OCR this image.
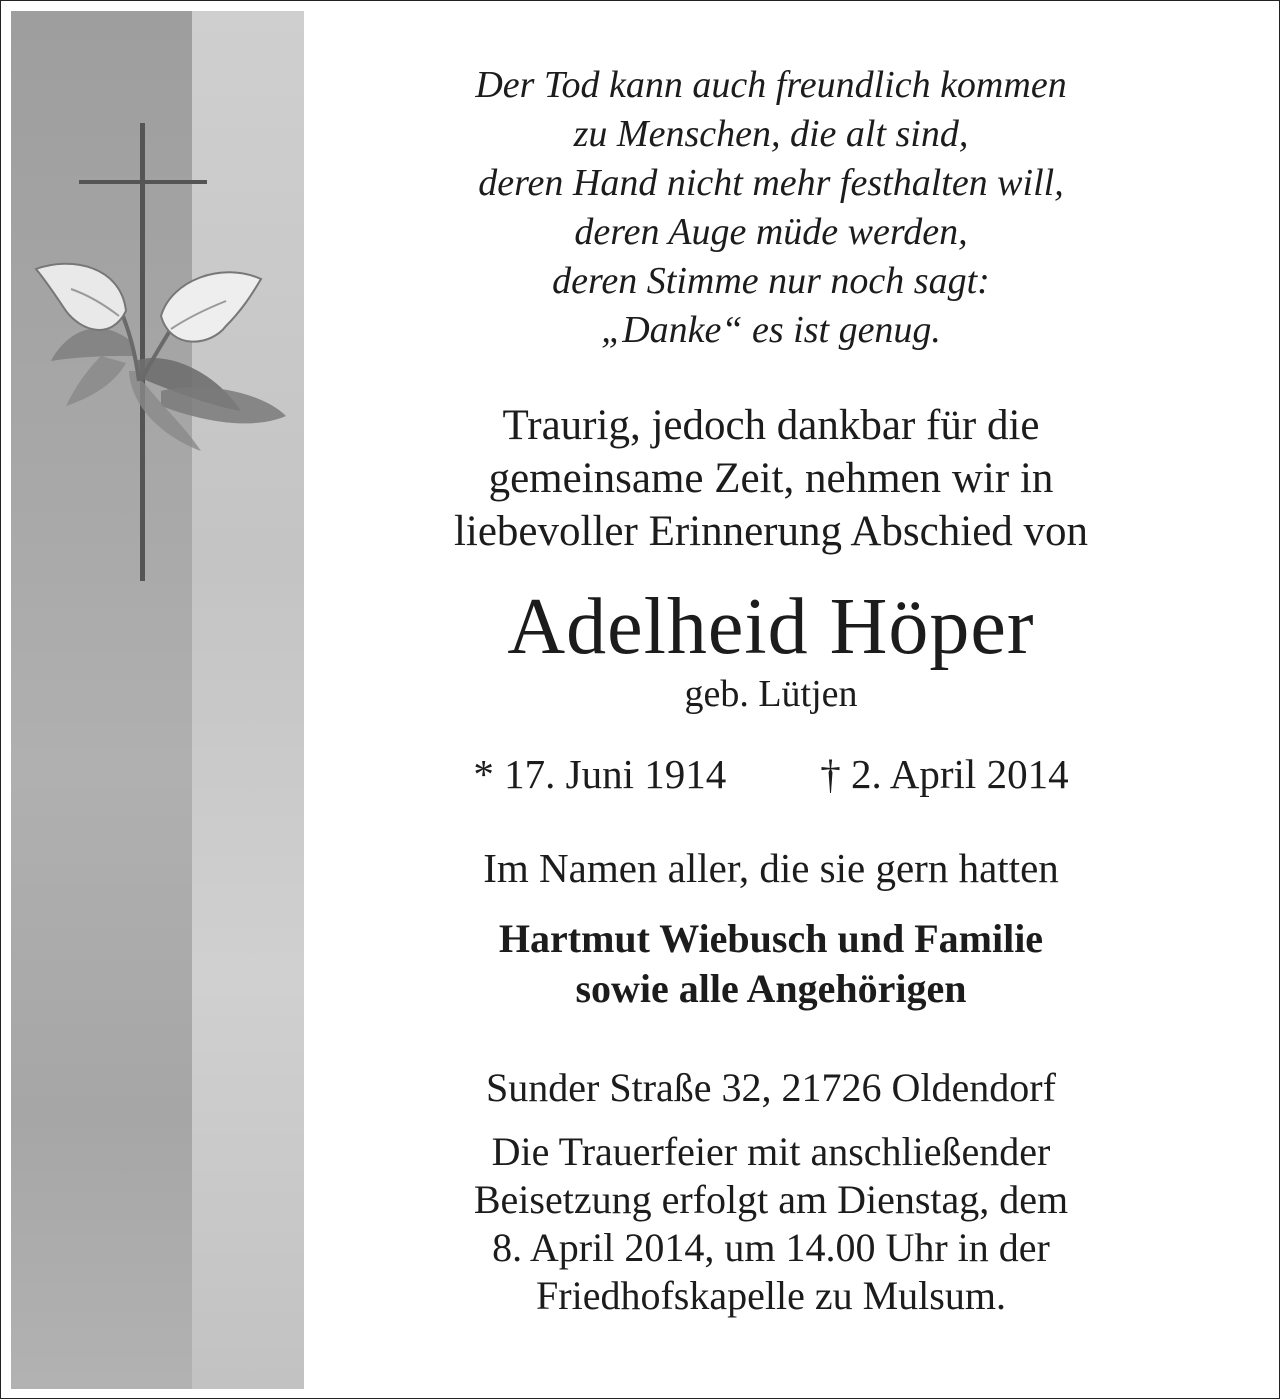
Der Tod kann auch freundlich kommen
zu Menschen, die alt sind,
deren Hand nicht mehr festhalten will,
deren Auge müde werden,
deren Stimme nur noch sagt:
„Danke“ es ist genug.
Traurig, jedoch dankbar für die
gemeinsame Zeit, nehmen wir in
liebevoller Erinnerung Abschied von
Adelheid Höper
geb. Lütjen
* 17. Juni 1914 † 2. April 2014
Im Namen aller, die sie gern hatten
Hartmut Wiebusch und Familie
sowie alle Angehörigen
Sunder Straße 32, 21726 Oldendorf
Die Trauerfeier mit anschließender
Beisetzung erfolgt am Dienstag, dem
8. April 2014, um 14.00 Uhr in der
Friedhofskapelle zu Mulsum.
